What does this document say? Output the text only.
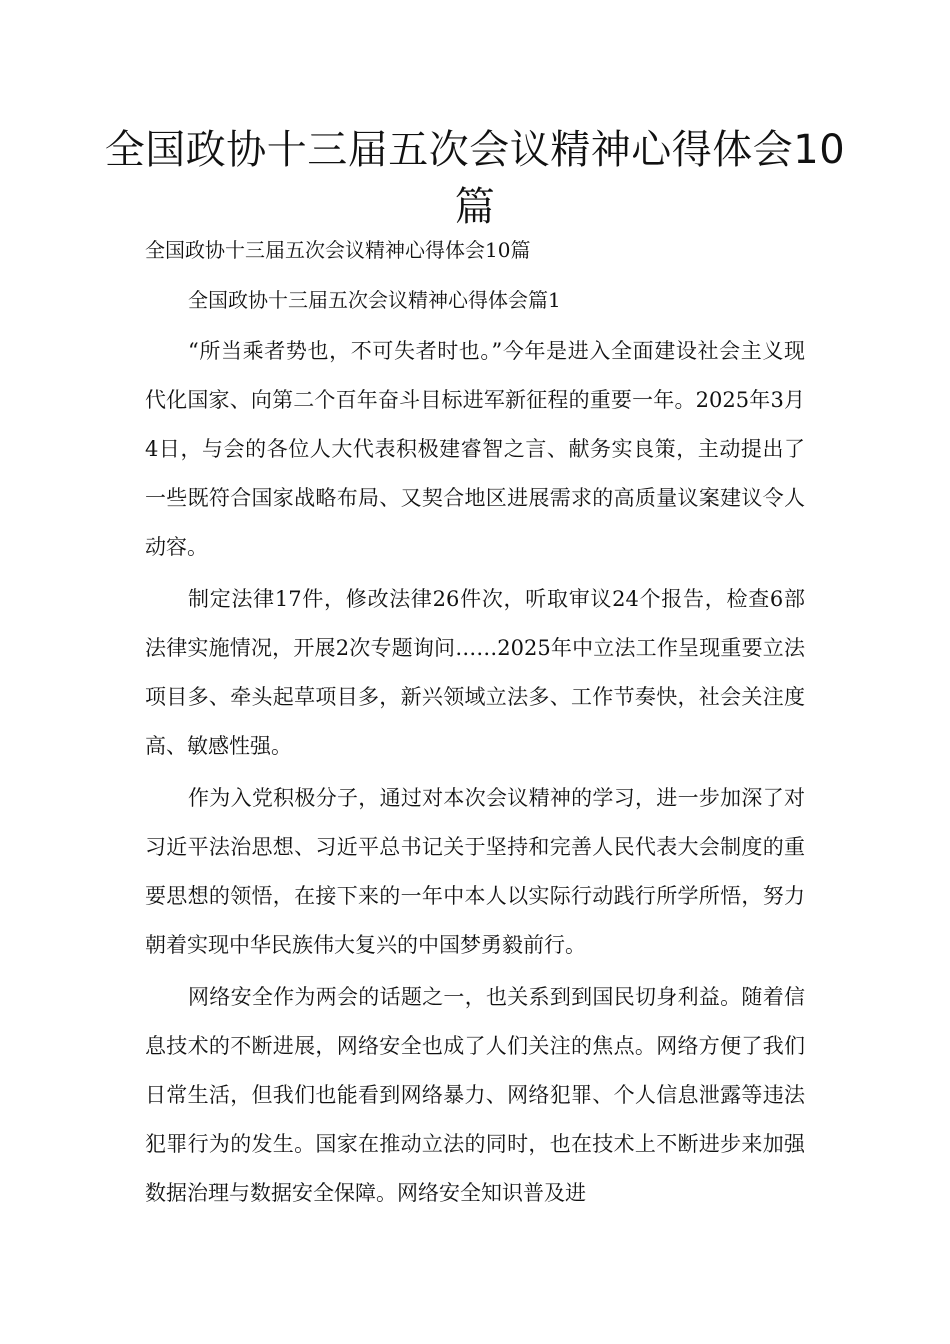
全国政协十三届五次会议精神心得体会10篇

全国政协十三届五次会议精神心得体会10篇

全国政协十三届五次会议精神心得体会篇1

“所当乘者势也，不可失者时也。”今年是进入全面建设社会主义现代化国家、向第二个百年奋斗目标进军新征程的重要一年。2025年3月4日，与会的各位人大代表积极建睿智之言、献务实良策，主动提出了一些既符合国家战略布局、又契合地区进展需求的高质量议案建议令人动容。

制定法律17件，修改法律26件次，听取审议24个报告，检查6部法律实施情况，开展2次专题询问……2025年中立法工作呈现重要立法项目多、牵头起草项目多，新兴领域立法多、工作节奏快，社会关注度高、敏感性强。

作为入党积极分子，通过对本次会议精神的学习，进一步加深了对习近平法治思想、习近平总书记关于坚持和完善人民代表大会制度的重要思想的领悟，在接下来的一年中本人以实际行动践行所学所悟，努力朝着实现中华民族伟大复兴的中国梦勇毅前行。

网络安全作为两会的话题之一，也关系到到国民切身利益。随着信息技术的不断进展，网络安全也成了人们关注的焦点。网络方便了我们日常生活，但我们也能看到网络暴力、网络犯罪、个人信息泄露等违法犯罪行为的发生。国家在推动立法的同时，也在技术上不断进步来加强数据治理与数据安全保障。网络安全知识普及进
